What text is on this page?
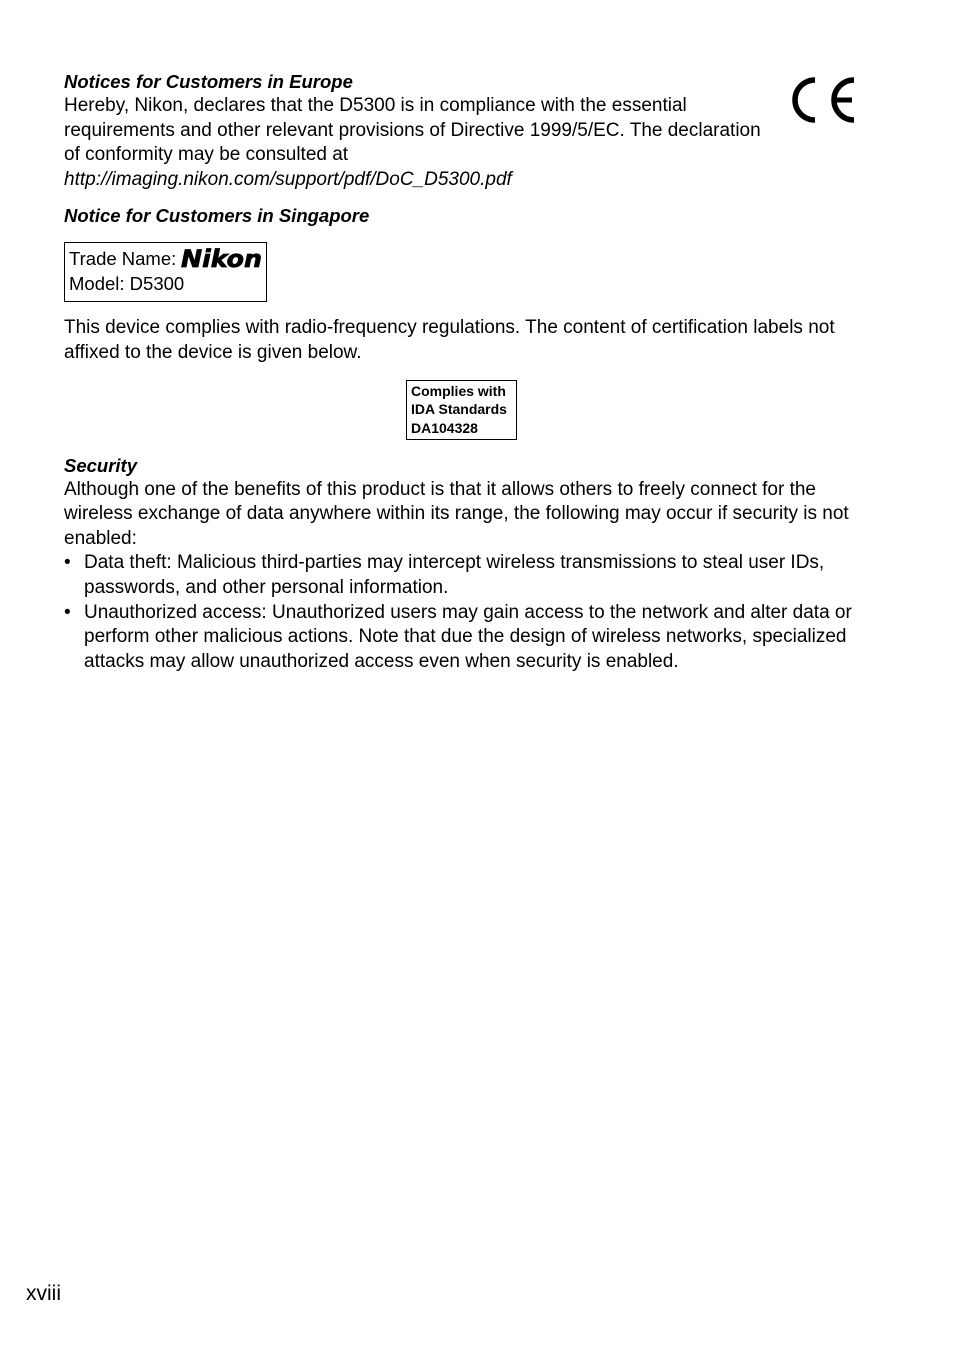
Notices for Customers in Europe

Hereby, Nikon, declares that the D5300 is in compliance with the essential requirements and other relevant provisions of Directive 1999/5/EC. The declaration of conformity may be consulted at

http://imaging.nikon.com/support/pdf/DoC_D5300.pdf
Notice for Customers in Singapore
Trade Name: Nikon
Model: D5300

This device complies with radio-frequency regulations. The content of certification labels not affixed to the device is given below.

Complies with
IDA Standards
DA104328
Security

Although one of the benefits of this product is that it allows others to freely connect for the wireless exchange of data anywhere within its range, the following may occur if security is not enabled:

• Data theft: Malicious third-parties may intercept wireless transmissions to steal user IDs, passwords, and other personal information.
• Unauthorized access: Unauthorized users may gain access to the network and alter data or perform other malicious actions. Note that due the design of wireless networks, specialized attacks may allow unauthorized access even when security is enabled.
xviii
